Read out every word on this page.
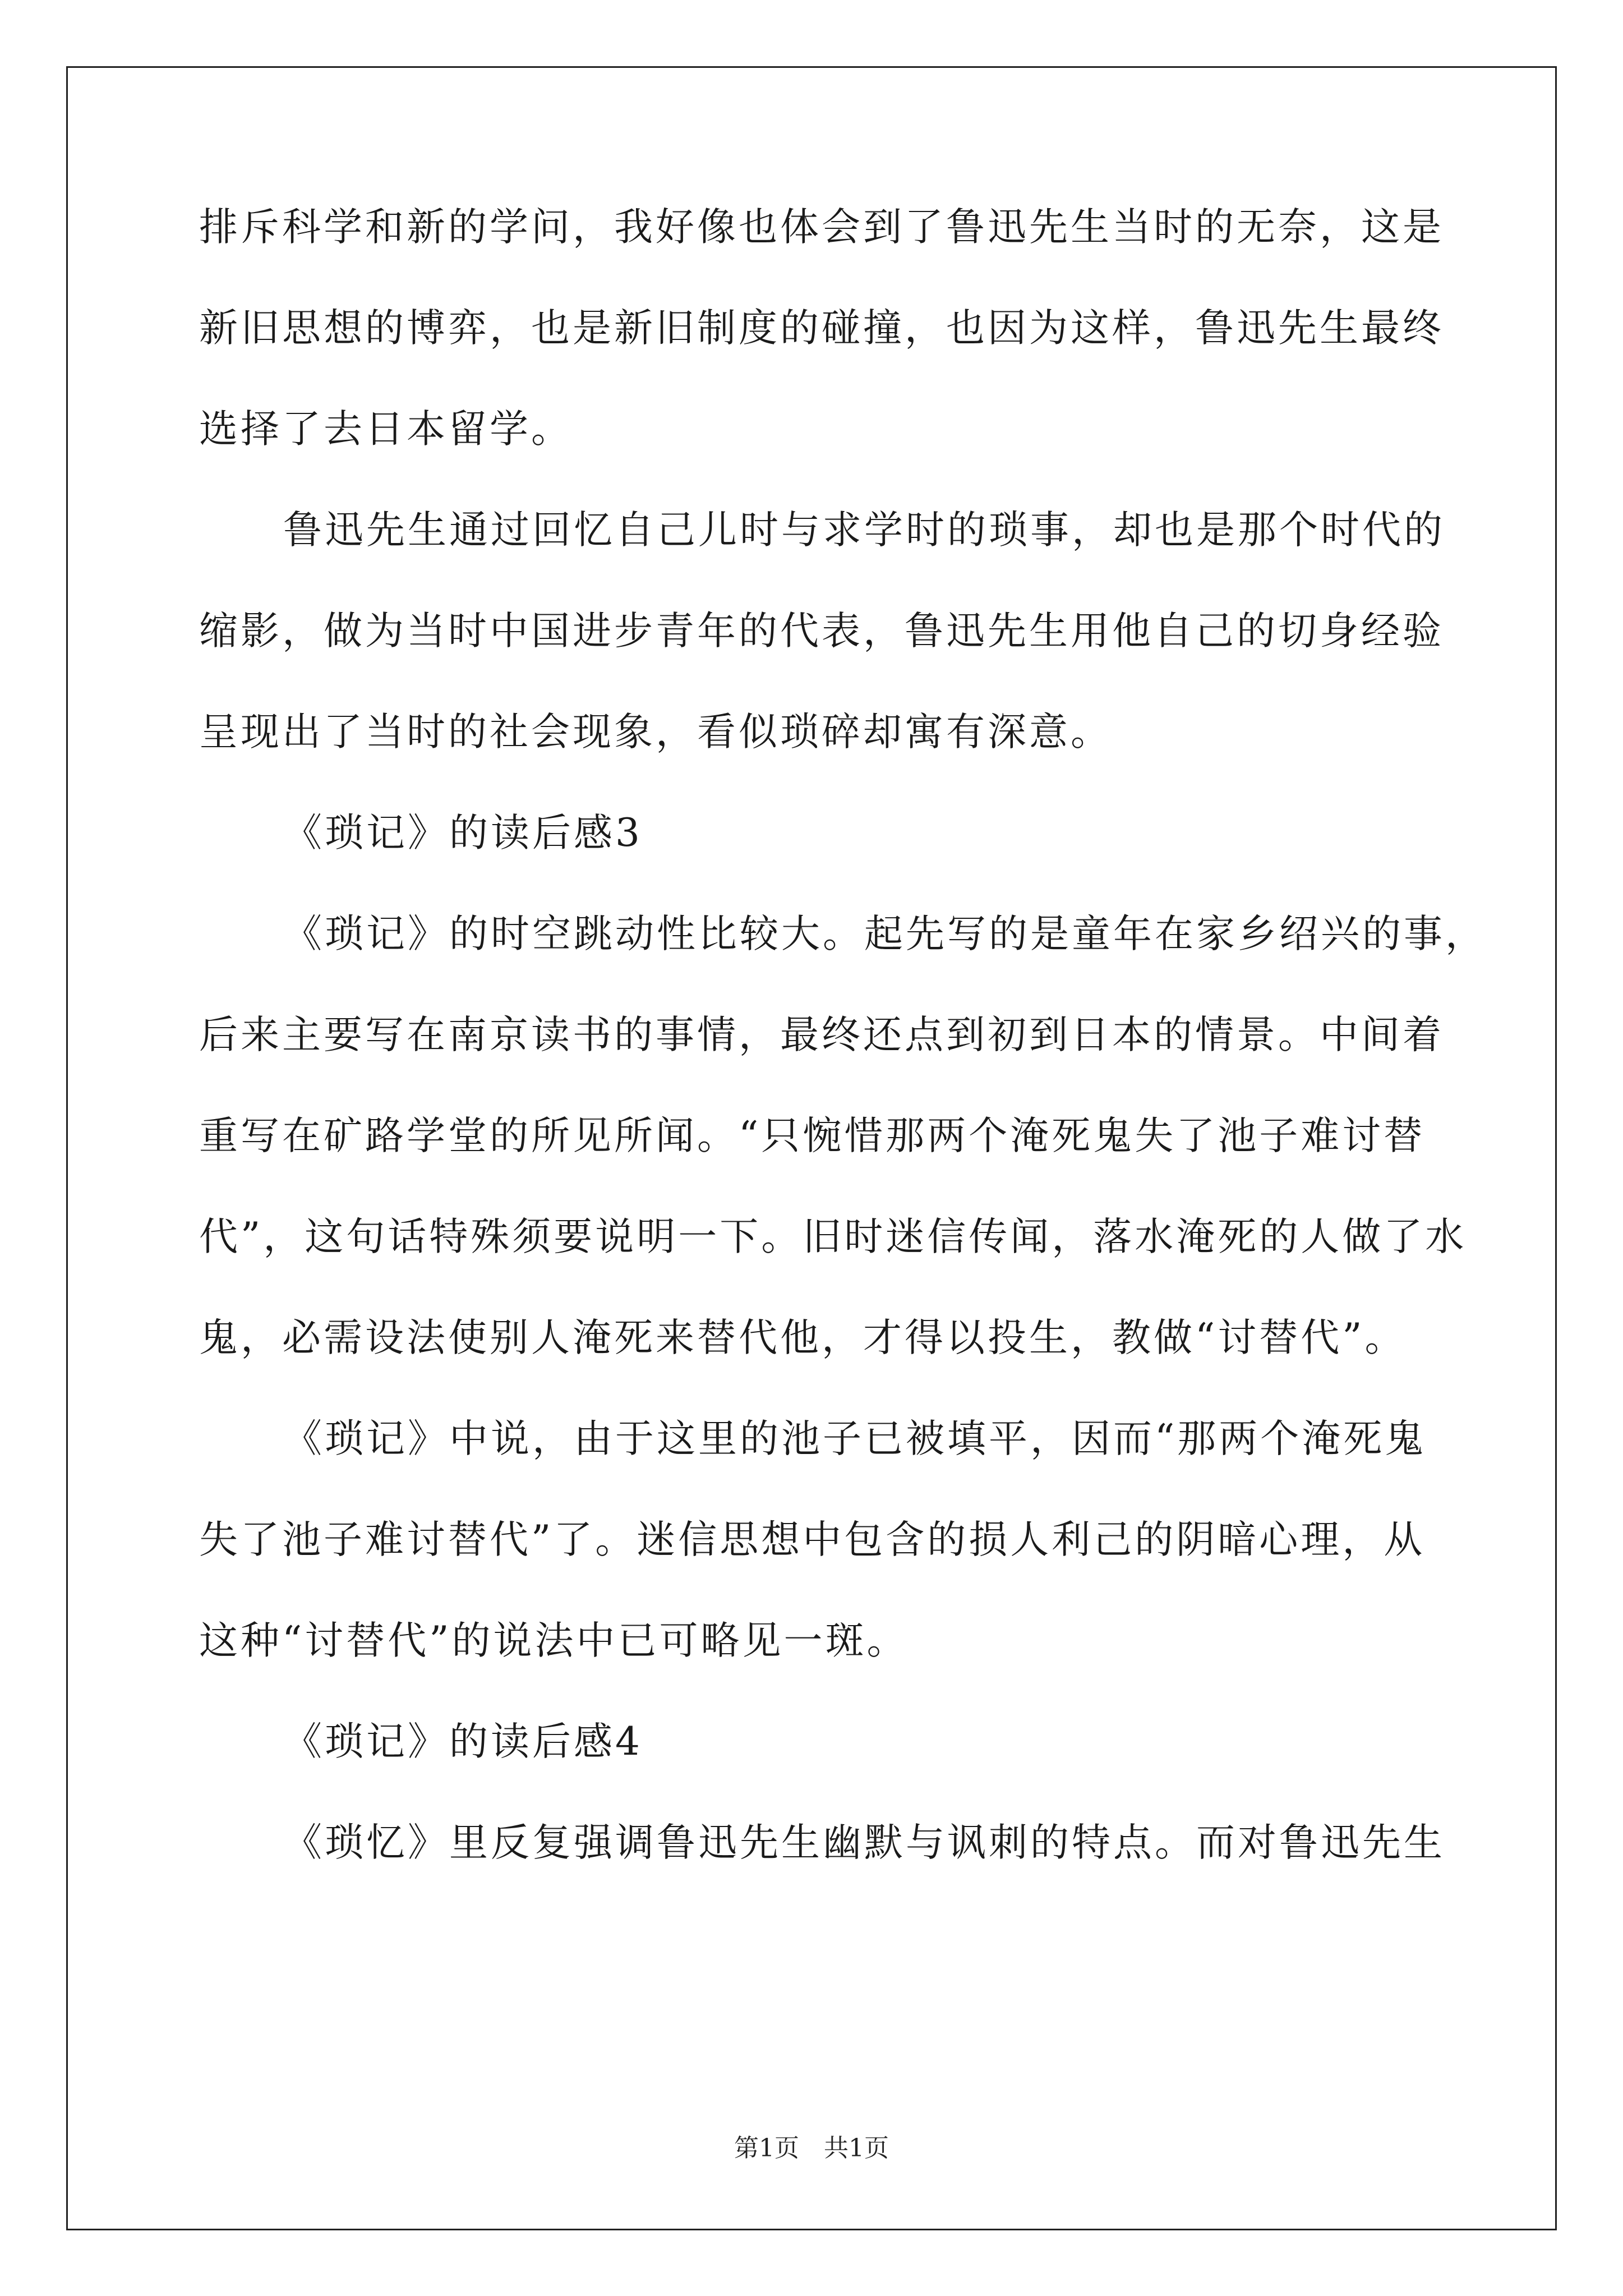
排斥科学和新的学问，我好像也体会到了鲁迅先生当时的无奈，这是
新旧思想的博弈，也是新旧制度的碰撞，也因为这样，鲁迅先生最终
选择了去日本留学。
鲁迅先生通过回忆自己儿时与求学时的琐事，却也是那个时代的
缩影，做为当时中国进步青年的代表，鲁迅先生用他自己的切身经验
呈现出了当时的社会现象，看似琐碎却寓有深意。
《琐记》的读后感3
《琐记》的时空跳动性比较大。起先写的是童年在家乡绍兴的事，
后来主要写在南京读书的事情，最终还点到初到日本的情景。中间着
重写在矿路学堂的所见所闻。“只惋惜那两个淹死鬼失了池子难讨替
代”，这句话特殊须要说明一下。旧时迷信传闻，落水淹死的人做了水
鬼，必需设法使别人淹死来替代他，才得以投生，教做“讨替代”。
《琐记》中说，由于这里的池子已被填平，因而“那两个淹死鬼
失了池子难讨替代”了。迷信思想中包含的损人利己的阴暗心理，从
这种“讨替代”的说法中已可略见一斑。
《琐记》的读后感4
《琐忆》里反复强调鲁迅先生幽默与讽刺的特点。而对鲁迅先生
第1页 共1页
